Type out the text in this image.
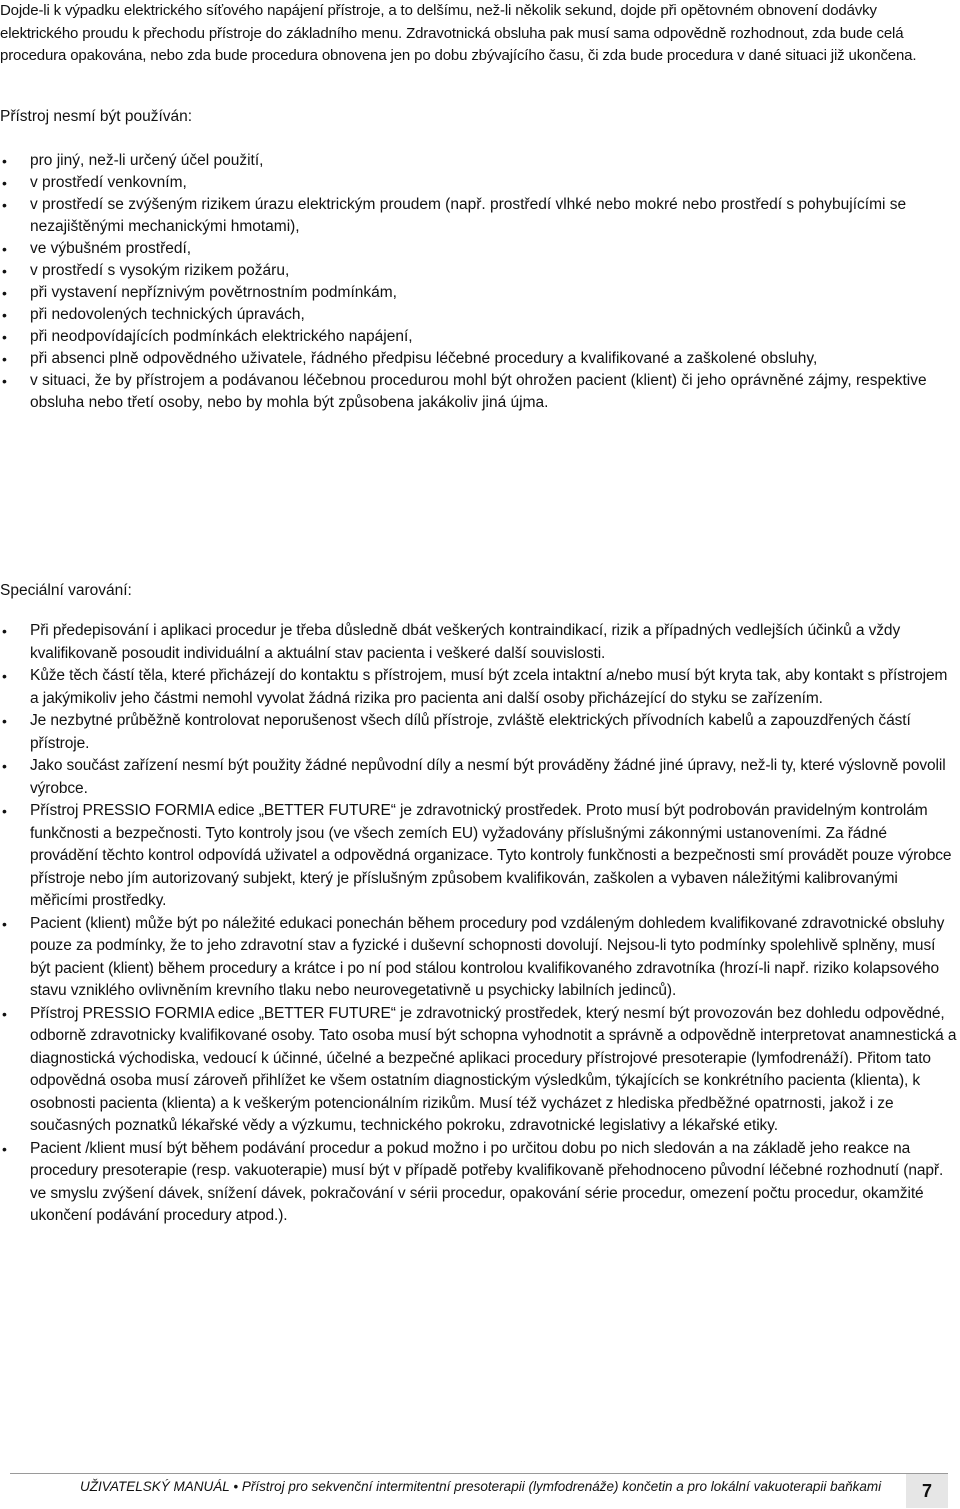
Dojde-li k výpadku elektrického síťového napájení přístroje, a to delšímu, než-li několik sekund, dojde při opětovném obnovení dodávky elektrického proudu k přechodu přístroje do základního menu. Zdravotnická obsluha pak musí sama odpovědně rozhodnout, zda bude celá procedura opakována, nebo zda bude procedura obnovena jen po dobu zbývajícího času, či zda bude procedura v dané situaci již ukončena.

Přístroj nesmí být používán:

• pro jiný, než-li určený účel použití,
• v prostředí venkovním,
• v prostředí se zvýšeným rizikem úrazu elektrickým proudem (např. prostředí vlhké nebo mokré nebo prostředí s pohybujícími se nezajištěnými mechanickými hmotami),
• ve výbušném prostředí,
• v prostředí s vysokým rizikem požáru,
• při vystavení nepříznivým povětrnostním podmínkám,
• při nedovolených technických úpravách,
• při neodpovídajících podmínkách elektrického napájení,
• při absenci plně odpovědného uživatele, řádného předpisu léčebné procedury a kvalifikované a zaškolené obsluhy,
• v situaci, že by přístrojem a podávanou léčebnou procedurou mohl být ohrožen pacient (klient) či jeho oprávněné zájmy, respektive obsluha nebo třetí osoby, nebo by mohla být způsobena jakákoliv jiná újma.

Speciální varování:

• Při předepisování i aplikaci procedur je třeba důsledně dbát veškerých kontraindikací, rizik a případných vedlejších účinků a vždy kvalifikovaně posoudit individuální a aktuální stav pacienta i veškeré další souvislosti.
• Kůže těch částí těla, které přicházejí do kontaktu s přístrojem, musí být zcela intaktní a/nebo musí být kryta tak, aby kontakt s přístrojem a jakýmikoliv jeho částmi nemohl vyvolat žádná rizika pro pacienta ani další osoby přicházející do styku se zařízením.
• Je nezbytné průběžně kontrolovat neporušenost všech dílů přístroje, zvláště elektrických přívodních kabelů a zapouzdřených částí přístroje.
• Jako součást zařízení nesmí být použity žádné nepůvodní díly a nesmí být prováděny žádné jiné úpravy, než-li ty, které výslovně povolil výrobce.
• Přístroj PRESSIO FORMIA edice „BETTER FUTURE“ je zdravotnický prostředek. Proto musí být podrobován pravidelným kontrolám funkčnosti a bezpečnosti. Tyto kontroly jsou (ve všech zemích EU) vyžadovány příslušnými zákonnými ustanoveními. Za řádné provádění těchto kontrol odpovídá uživatel a odpovědná organizace. Tyto kontroly funkčnosti a bezpečnosti smí provádět pouze výrobce přístroje nebo jím autorizovaný subjekt, který je příslušným způsobem kvalifikován, zaškolen a vybaven náležitými kalibrovanými měřicími prostředky.
• Pacient (klient) může být po náležité edukaci ponechán během procedury pod vzdáleným dohledem kvalifikované zdravotnické obsluhy pouze za podmínky, že to jeho zdravotní stav a fyzické i duševní schopnosti dovolují. Nejsou-li tyto podmínky spolehlivě splněny, musí být pacient (klient) během procedury a krátce i po ní pod stálou kontrolou kvalifikovaného zdravotníka (hrozí-li např. riziko kolapsového stavu vzniklého ovlivněním krevního tlaku nebo neurovegetativně u psychicky labilních jedinců).
• Přístroj PRESSIO FORMIA edice „BETTER FUTURE“ je zdravotnický prostředek, který nesmí být provozován bez dohledu odpovědné, odborně zdravotnicky kvalifikované osoby. Tato osoba musí být schopna vyhodnotit a správně a odpovědně interpretovat anamnestická a diagnostická východiska, vedoucí k účinné, účelné a bezpečné aplikaci procedury přístrojové presoterapie (lymfodrenáží). Přitom tato odpovědná osoba musí zároveň přihlížet ke všem ostatním diagnostickým výsledkům, týkajících se konkrétního pacienta (klienta), k osobnosti pacienta (klienta) a k veškerým potencionálním rizikům. Musí též vycházet z hlediska předběžné opatrnosti, jakož i ze současných poznatků lékařské vědy a výzkumu, technického pokroku, zdravotnické legislativy a lékařské etiky.
• Pacient /klient musí být během podávání procedur a pokud možno i po určitou dobu po nich sledován a na základě jeho reakce na procedury presoterapie (resp. vakuoterapie) musí být v případě potřeby kvalifikovaně přehodnoceno původní léčebné rozhodnutí (např. ve smyslu zvýšení dávek, snížení dávek, pokračování v sérii procedur, opakování série procedur, omezení počtu procedur, okamžité ukončení podávání procedury atpod.).
UŽIVATELSKÝ MANUÁL • Přístroj pro sekvenční intermitentní presoterapii (lymfodrenáže) končetin a pro lokální vakuoterapii baňkami	7
